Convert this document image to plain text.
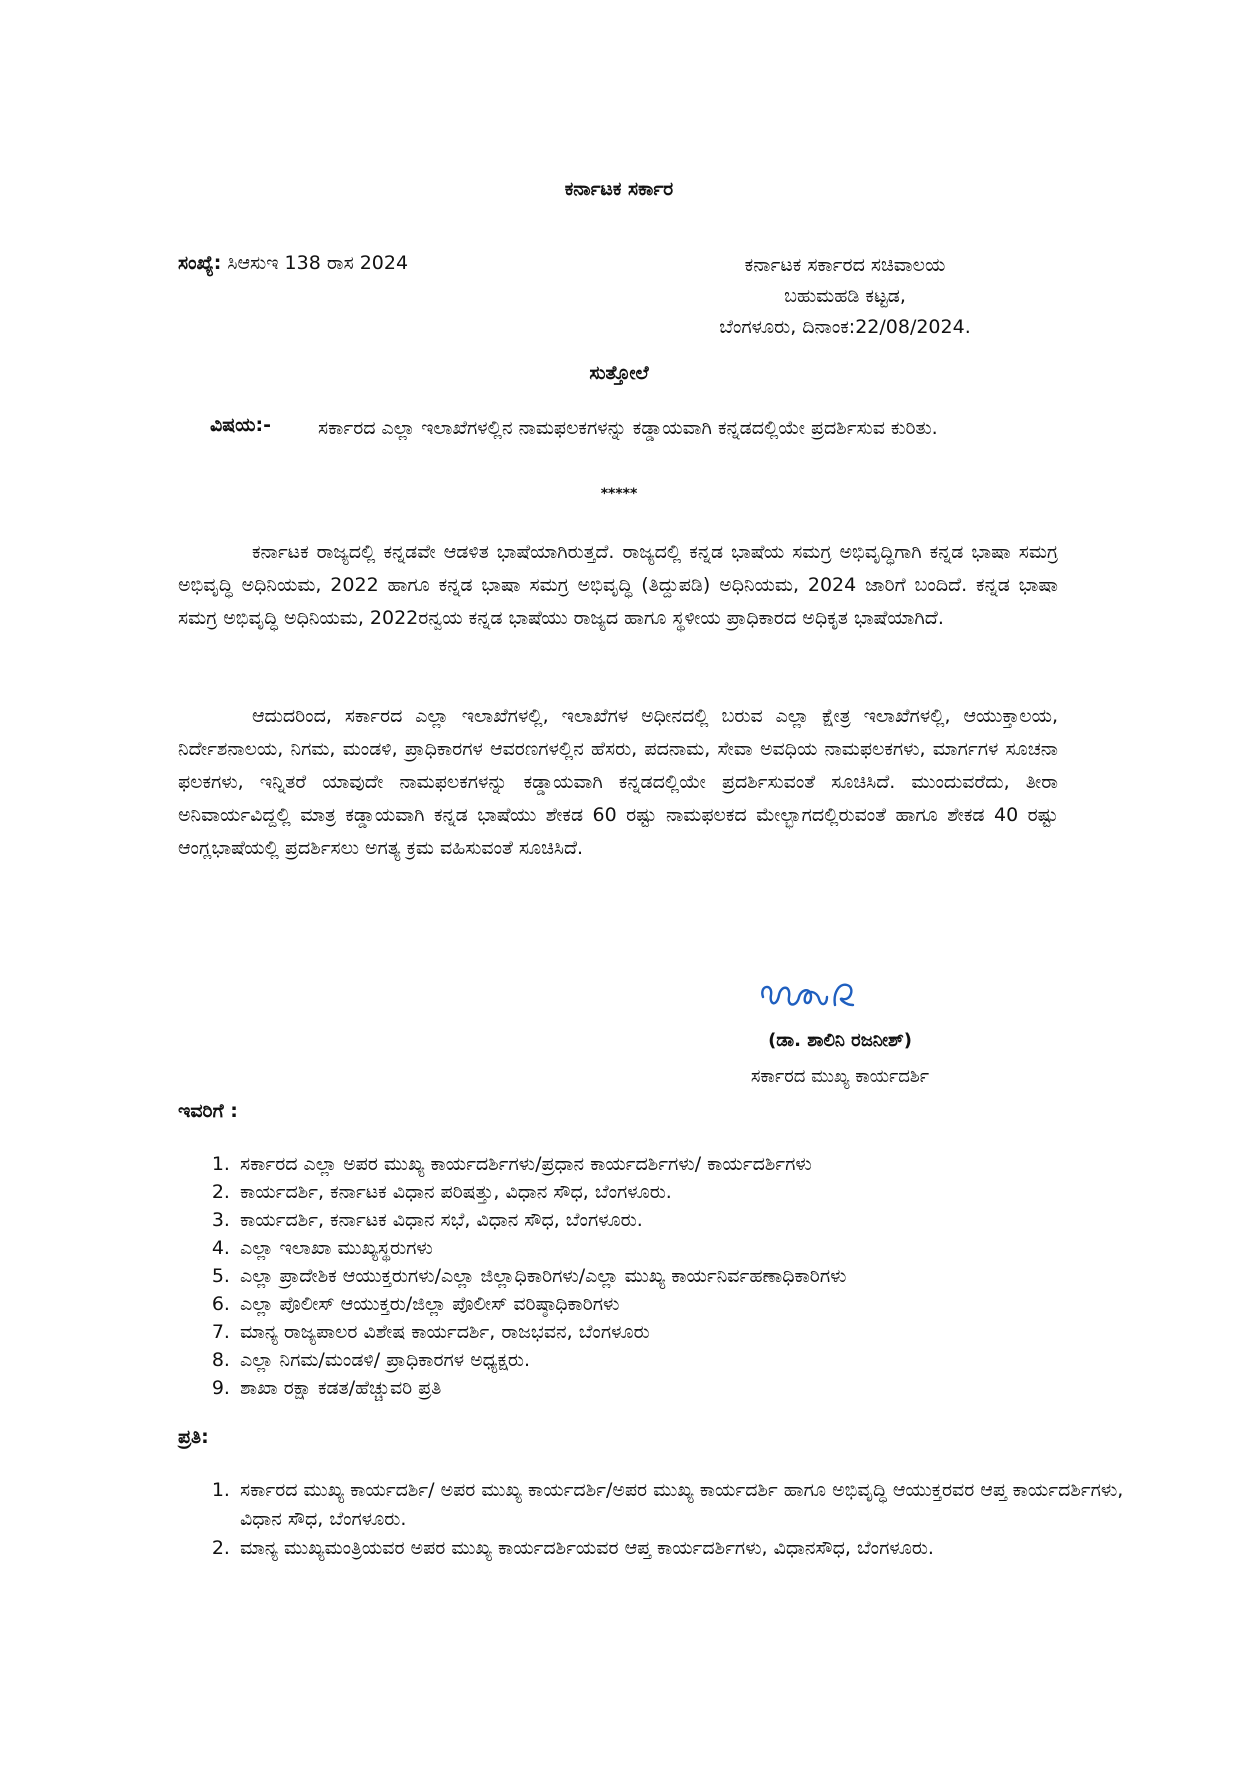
ಕರ್ನಾಟಕ ಸರ್ಕಾರ
ಸಂಖ್ಯೆ: ಸಿಆಸುಇ 138 ರಾಸ 2024	ಕರ್ನಾಟಕ ಸರ್ಕಾರದ ಸಚಿವಾಲಯ
ಬಹುಮಹಡಿ ಕಟ್ಟಡ,
ಬೆಂಗಳೂರು, ದಿನಾಂಕ:22/08/2024.
ಸುತ್ತೋಲೆ
ವಿಷಯ:- ಸರ್ಕಾರದ ಎಲ್ಲಾ ಇಲಾಖೆಗಳಲ್ಲಿನ ನಾಮಫಲಕಗಳನ್ನು ಕಡ್ಡಾಯವಾಗಿ ಕನ್ನಡದಲ್ಲಿಯೇ ಪ್ರದರ್ಶಿಸುವ ಕುರಿತು.
*****
ಕರ್ನಾಟಕ ರಾಜ್ಯದಲ್ಲಿ ಕನ್ನಡವೇ ಆಡಳಿತ ಭಾಷೆಯಾಗಿರುತ್ತದೆ. ರಾಜ್ಯದಲ್ಲಿ ಕನ್ನಡ ಭಾಷೆಯ ಸಮಗ್ರ ಅಭಿವೃದ್ಧಿಗಾಗಿ ಕನ್ನಡ ಭಾಷಾ ಸಮಗ್ರ ಅಭಿವೃದ್ಧಿ ಅಧಿನಿಯಮ, 2022 ಹಾಗೂ ಕನ್ನಡ ಭಾಷಾ ಸಮಗ್ರ ಅಭಿವೃದ್ಧಿ (ತಿದ್ದುಪಡಿ) ಅಧಿನಿಯಮ, 2024 ಜಾರಿಗೆ ಬಂದಿದೆ. ಕನ್ನಡ ಭಾಷಾ ಸಮಗ್ರ ಅಭಿವೃದ್ಧಿ ಅಧಿನಿಯಮ, 2022ರನ್ವಯ ಕನ್ನಡ ಭಾಷೆಯು ರಾಜ್ಯದ ಹಾಗೂ ಸ್ಥಳೀಯ ಪ್ರಾಧಿಕಾರದ ಅಧಿಕೃತ ಭಾಷೆಯಾಗಿದೆ.
ಆದುದರಿಂದ, ಸರ್ಕಾರದ ಎಲ್ಲಾ ಇಲಾಖೆಗಳಲ್ಲಿ, ಇಲಾಖೆಗಳ ಅಧೀನದಲ್ಲಿ ಬರುವ ಎಲ್ಲಾ ಕ್ಷೇತ್ರ ಇಲಾಖೆಗಳಲ್ಲಿ, ಆಯುಕ್ತಾಲಯ, ನಿರ್ದೇಶನಾಲಯ, ನಿಗಮ, ಮಂಡಳಿ, ಪ್ರಾಧಿಕಾರಗಳ ಆವರಣಗಳಲ್ಲಿನ ಹೆಸರು, ಪದನಾಮ, ಸೇವಾ ಅವಧಿಯ ನಾಮಫಲಕಗಳು, ಮಾರ್ಗಗಳ ಸೂಚನಾ ಫಲಕಗಳು, ಇನ್ನಿತರೆ ಯಾವುದೇ ನಾಮಫಲಕಗಳನ್ನು ಕಡ್ಡಾಯವಾಗಿ ಕನ್ನಡದಲ್ಲಿಯೇ ಪ್ರದರ್ಶಿಸುವಂತೆ ಸೂಚಿಸಿದೆ. ಮುಂದುವರೆದು, ತೀರಾ ಅನಿವಾರ್ಯವಿದ್ದಲ್ಲಿ ಮಾತ್ರ ಕಡ್ಡಾಯವಾಗಿ ಕನ್ನಡ ಭಾಷೆಯು ಶೇಕಡ 60 ರಷ್ಟು ನಾಮಫಲಕದ ಮೇಲ್ಭಾಗದಲ್ಲಿರುವಂತೆ ಹಾಗೂ ಶೇಕಡ 40 ರಷ್ಟು ಆಂಗ್ಲಭಾಷೆಯಲ್ಲಿ ಪ್ರದರ್ಶಿಸಲು ಅಗತ್ಯ ಕ್ರಮ ವಹಿಸುವಂತೆ ಸೂಚಿಸಿದೆ.
(ಡಾ. ಶಾಲಿನಿ ರಜನೀಶ್)
ಸರ್ಕಾರದ ಮುಖ್ಯ ಕಾರ್ಯದರ್ಶಿ
ಇವರಿಗೆ :
1. ಸರ್ಕಾರದ ಎಲ್ಲಾ ಅಪರ ಮುಖ್ಯ ಕಾರ್ಯದರ್ಶಿಗಳು/ಪ್ರಧಾನ ಕಾರ್ಯದರ್ಶಿಗಳು/ ಕಾರ್ಯದರ್ಶಿಗಳು
2. ಕಾರ್ಯದರ್ಶಿ, ಕರ್ನಾಟಕ ವಿಧಾನ ಪರಿಷತ್ತು, ವಿಧಾನ ಸೌಧ, ಬೆಂಗಳೂರು.
3. ಕಾರ್ಯದರ್ಶಿ, ಕರ್ನಾಟಕ ವಿಧಾನ ಸಭೆ, ವಿಧಾನ ಸೌಧ, ಬೆಂಗಳೂರು.
4. ಎಲ್ಲಾ ಇಲಾಖಾ ಮುಖ್ಯಸ್ಥರುಗಳು
5. ಎಲ್ಲಾ ಪ್ರಾದೇಶಿಕ ಆಯುಕ್ತರುಗಳು/ಎಲ್ಲಾ ಜಿಲ್ಲಾಧಿಕಾರಿಗಳು/ಎಲ್ಲಾ ಮುಖ್ಯ ಕಾರ್ಯನಿರ್ವಹಣಾಧಿಕಾರಿಗಳು
6. ಎಲ್ಲಾ ಪೊಲೀಸ್ ಆಯುಕ್ತರು/ಜಿಲ್ಲಾ ಪೊಲೀಸ್ ವರಿಷ್ಠಾಧಿಕಾರಿಗಳು
7. ಮಾನ್ಯ ರಾಜ್ಯಪಾಲರ ವಿಶೇಷ ಕಾರ್ಯದರ್ಶಿ, ರಾಜಭವನ, ಬೆಂಗಳೂರು
8. ಎಲ್ಲಾ ನಿಗಮ/ಮಂಡಳಿ/ ಪ್ರಾಧಿಕಾರಗಳ ಅಧ್ಯಕ್ಷರು.
9. ಶಾಖಾ ರಕ್ಷಾ ಕಡತ/ಹೆಚ್ಚುವರಿ ಪ್ರತಿ
ಪ್ರತಿ:
1. ಸರ್ಕಾರದ ಮುಖ್ಯ ಕಾರ್ಯದರ್ಶಿ/ ಅಪರ ಮುಖ್ಯ ಕಾರ್ಯದರ್ಶಿ/ಅಪರ ಮುಖ್ಯ ಕಾರ್ಯದರ್ಶಿ ಹಾಗೂ ಅಭಿವೃದ್ಧಿ ಆಯುಕ್ತರವರ ಆಪ್ತ ಕಾರ್ಯದರ್ಶಿಗಳು, ವಿಧಾನ ಸೌಧ, ಬೆಂಗಳೂರು.
2. ಮಾನ್ಯ ಮುಖ್ಯಮಂತ್ರಿಯವರ ಅಪರ ಮುಖ್ಯ ಕಾರ್ಯದರ್ಶಿಯವರ ಆಪ್ತ ಕಾರ್ಯದರ್ಶಿಗಳು, ವಿಧಾನಸೌಧ, ಬೆಂಗಳೂರು.
